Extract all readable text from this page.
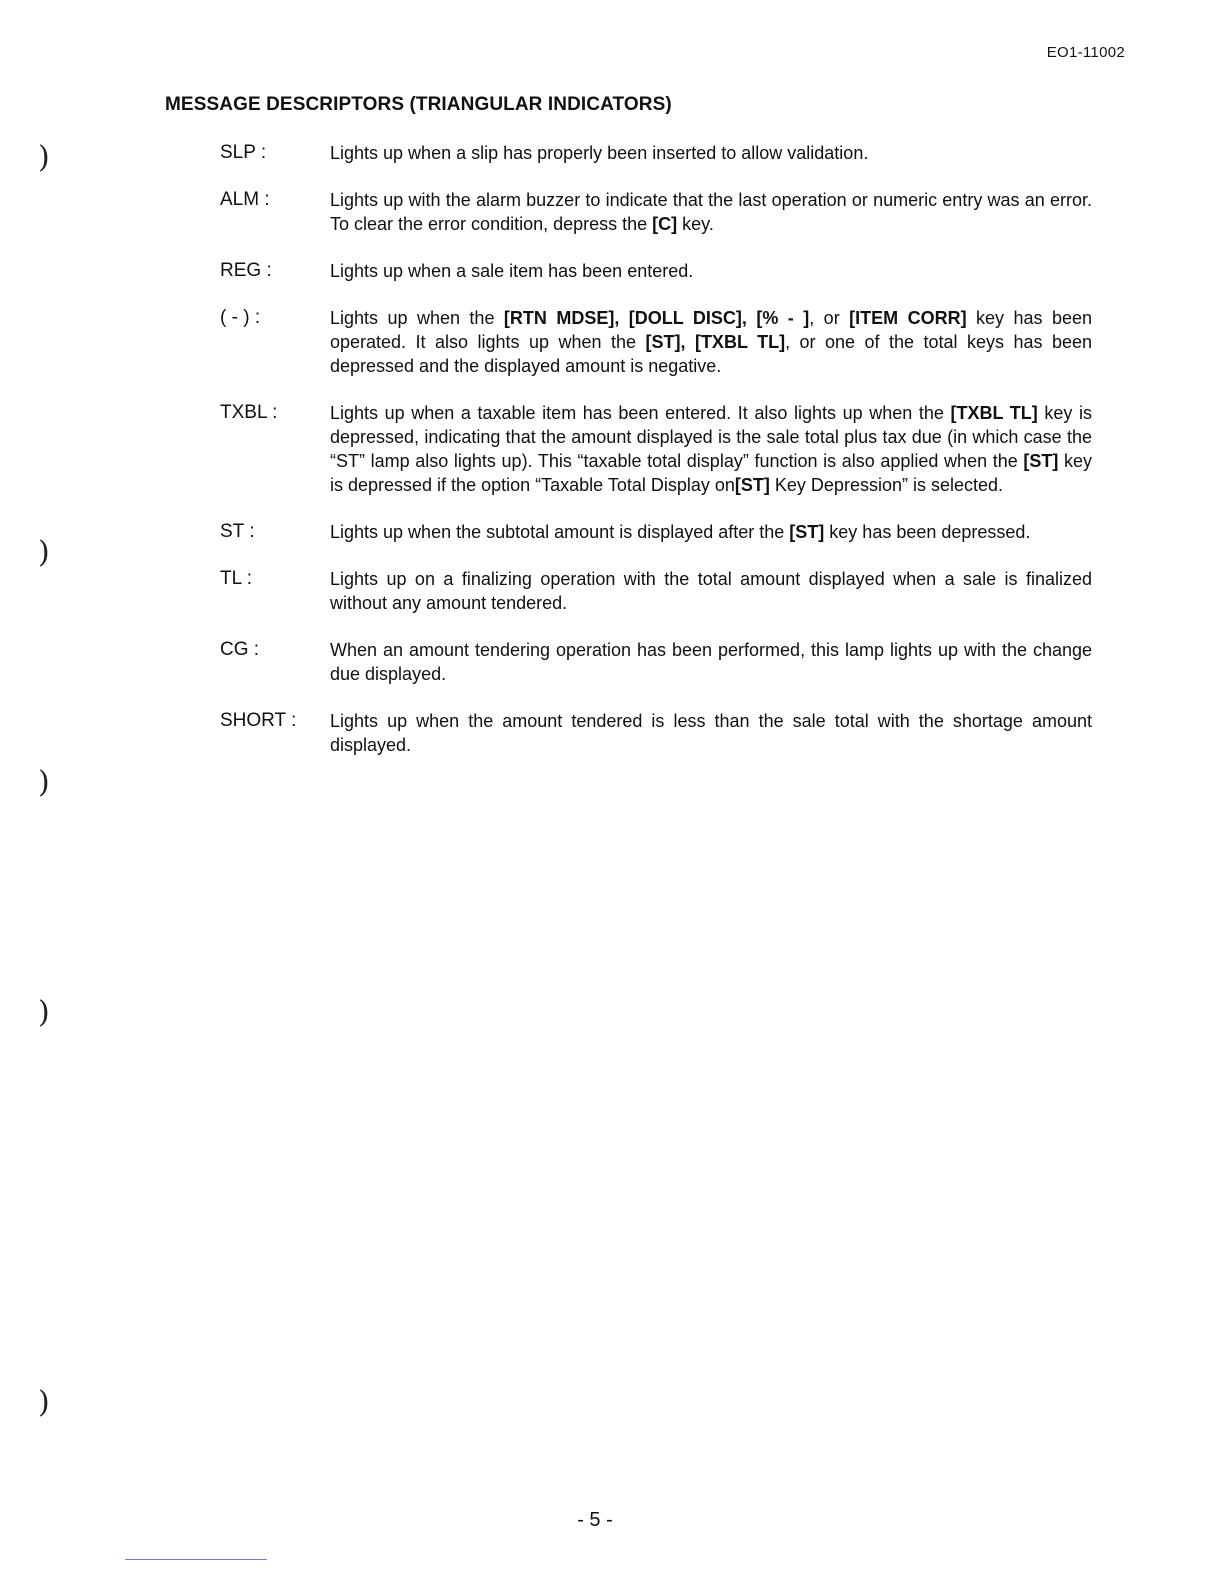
EO1-11002
MESSAGE DESCRIPTORS (TRIANGULAR INDICATORS)
SLP :	Lights up when a slip has properly been inserted to allow validation.
ALM :	Lights up with the alarm buzzer to indicate that the last operation or numeric entry was an error. To clear the error condition, depress the [C] key.
REG :	Lights up when a sale item has been entered.
( - ) :	Lights up when the [RTN MDSE], [DOLL DISC], [% - ], or [ITEM CORR] key has been operated. It also lights up when the [ST], [TXBL TL], or one of the total keys has been depressed and the displayed amount is negative.
TXBL :	Lights up when a taxable item has been entered. It also lights up when the [TXBL TL] key is depressed, indicating that the amount displayed is the sale total plus tax due (in which case the “ST” lamp also lights up). This “taxable total display” function is also applied when the [ST] key is depressed if the option “Taxable Total Display on[ST] Key Depression” is selected.
ST :	Lights up when the subtotal amount is displayed after the [ST] key has been depressed.
TL :	Lights up on a finalizing operation with the total amount displayed when a sale is finalized without any amount tendered.
CG :	When an amount tendering operation has been performed, this lamp lights up with the change due displayed.
SHORT :	Lights up when the amount tendered is less than the sale total with the shortage amount displayed.
)
)
)
)
)
- 5 -
